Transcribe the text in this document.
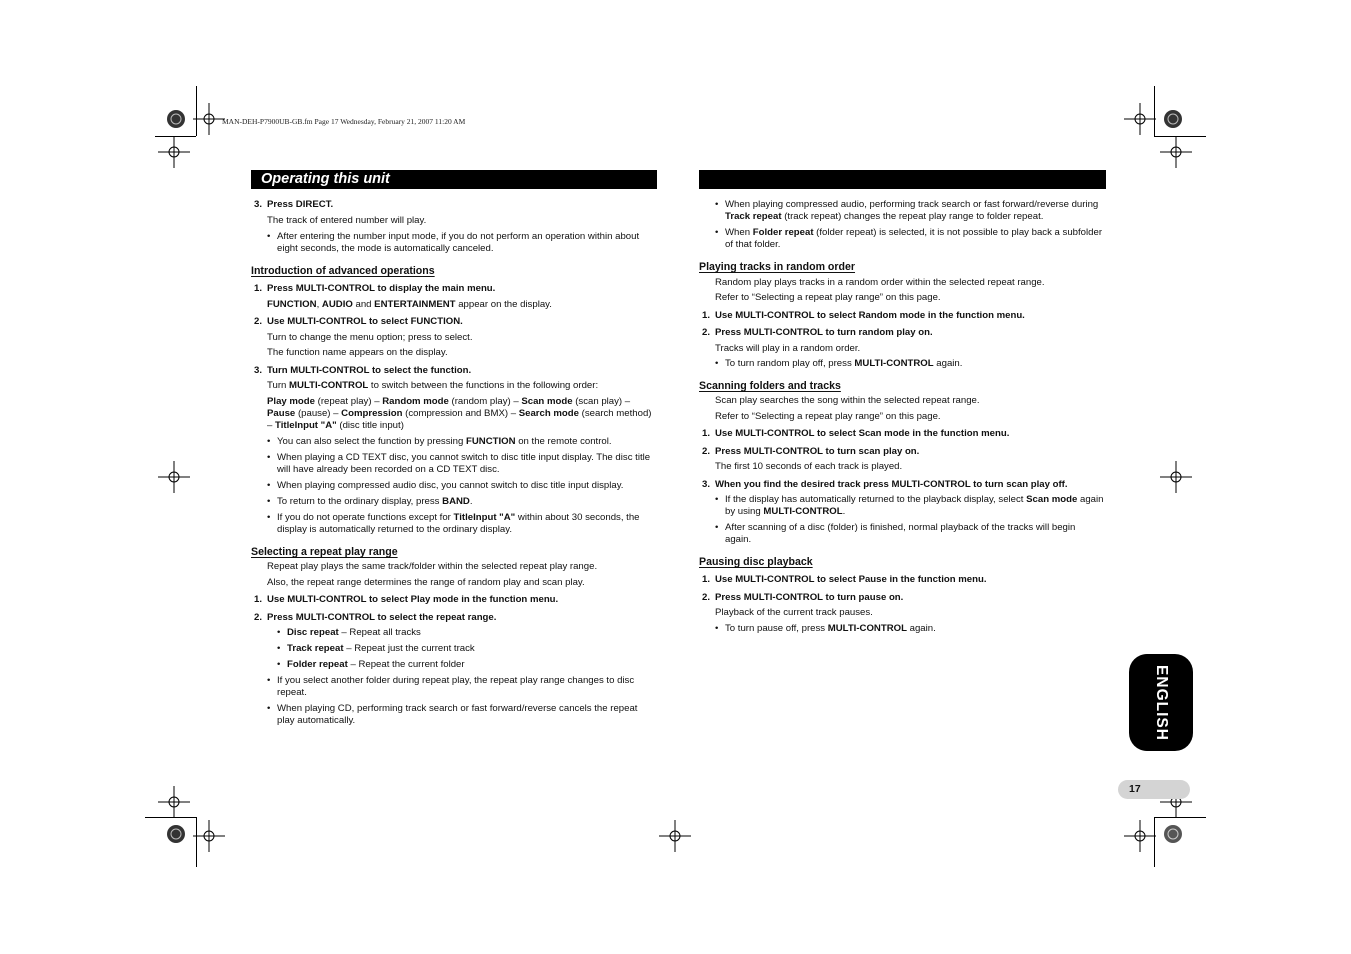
MAN-DEH-P7900UB-GB.fm Page 17 Wednesday, February 21, 2007 11:20 AM
Operating this unit

3. Press DIRECT.

The track of entered number will play.

• After entering the number input mode, if you do not perform an operation within about eight seconds, the mode is automatically canceled.

Introduction of advanced operations

1. Press MULTI-CONTROL to display the main menu.

FUNCTION, AUDIO and ENTERTAINMENT appear on the display.

2. Use MULTI-CONTROL to select FUNCTION.

Turn to change the menu option; press to select.

The function name appears on the display.

3. Turn MULTI-CONTROL to select the function.

Turn MULTI-CONTROL to switch between the functions in the following order:

Play mode (repeat play) – Random mode (random play) – Scan mode (scan play) – Pause (pause) – Compression (compression and BMX) – Search mode (search method) – TitleInput "A" (disc title input)

• You can also select the function by pressing FUNCTION on the remote control.

• When playing a CD TEXT disc, you cannot switch to disc title input display. The disc title will have already been recorded on a CD TEXT disc.

• When playing compressed audio disc, you cannot switch to disc title input display.

• To return to the ordinary display, press BAND.

• If you do not operate functions except for TitleInput "A" within about 30 seconds, the display is automatically returned to the ordinary display.

Selecting a repeat play range

Repeat play plays the same track/folder within the selected repeat play range.

Also, the repeat range determines the range of random play and scan play.

1. Use MULTI-CONTROL to select Play mode in the function menu.

2. Press MULTI-CONTROL to select the repeat range.

• Disc repeat – Repeat all tracks

• Track repeat – Repeat just the current track

• Folder repeat – Repeat the current folder

• If you select another folder during repeat play, the repeat play range changes to disc repeat.

• When playing CD, performing track search or fast forward/reverse cancels the repeat play automatically.

• When playing compressed audio, performing track search or fast forward/reverse during Track repeat (track repeat) changes the repeat play range to folder repeat.

• When Folder repeat (folder repeat) is selected, it is not possible to play back a subfolder of that folder.

Playing tracks in random order

Random play plays tracks in a random order within the selected repeat range.

Refer to “Selecting a repeat play range” on this page.

1. Use MULTI-CONTROL to select Random mode in the function menu.

2. Press MULTI-CONTROL to turn random play on.

Tracks will play in a random order.

• To turn random play off, press MULTI-CONTROL again.

Scanning folders and tracks

Scan play searches the song within the selected repeat range.

Refer to “Selecting a repeat play range” on this page.

1. Use MULTI-CONTROL to select Scan mode in the function menu.

2. Press MULTI-CONTROL to turn scan play on.

The first 10 seconds of each track is played.

3. When you find the desired track press MULTI-CONTROL to turn scan play off.

• If the display has automatically returned to the playback display, select Scan mode again by using MULTI-CONTROL.

• After scanning of a disc (folder) is finished, normal playback of the tracks will begin again.

Pausing disc playback

1. Use MULTI-CONTROL to select Pause in the function menu.

2. Press MULTI-CONTROL to turn pause on.

Playback of the current track pauses.

• To turn pause off, press MULTI-CONTROL again.

ENGLISH
17
